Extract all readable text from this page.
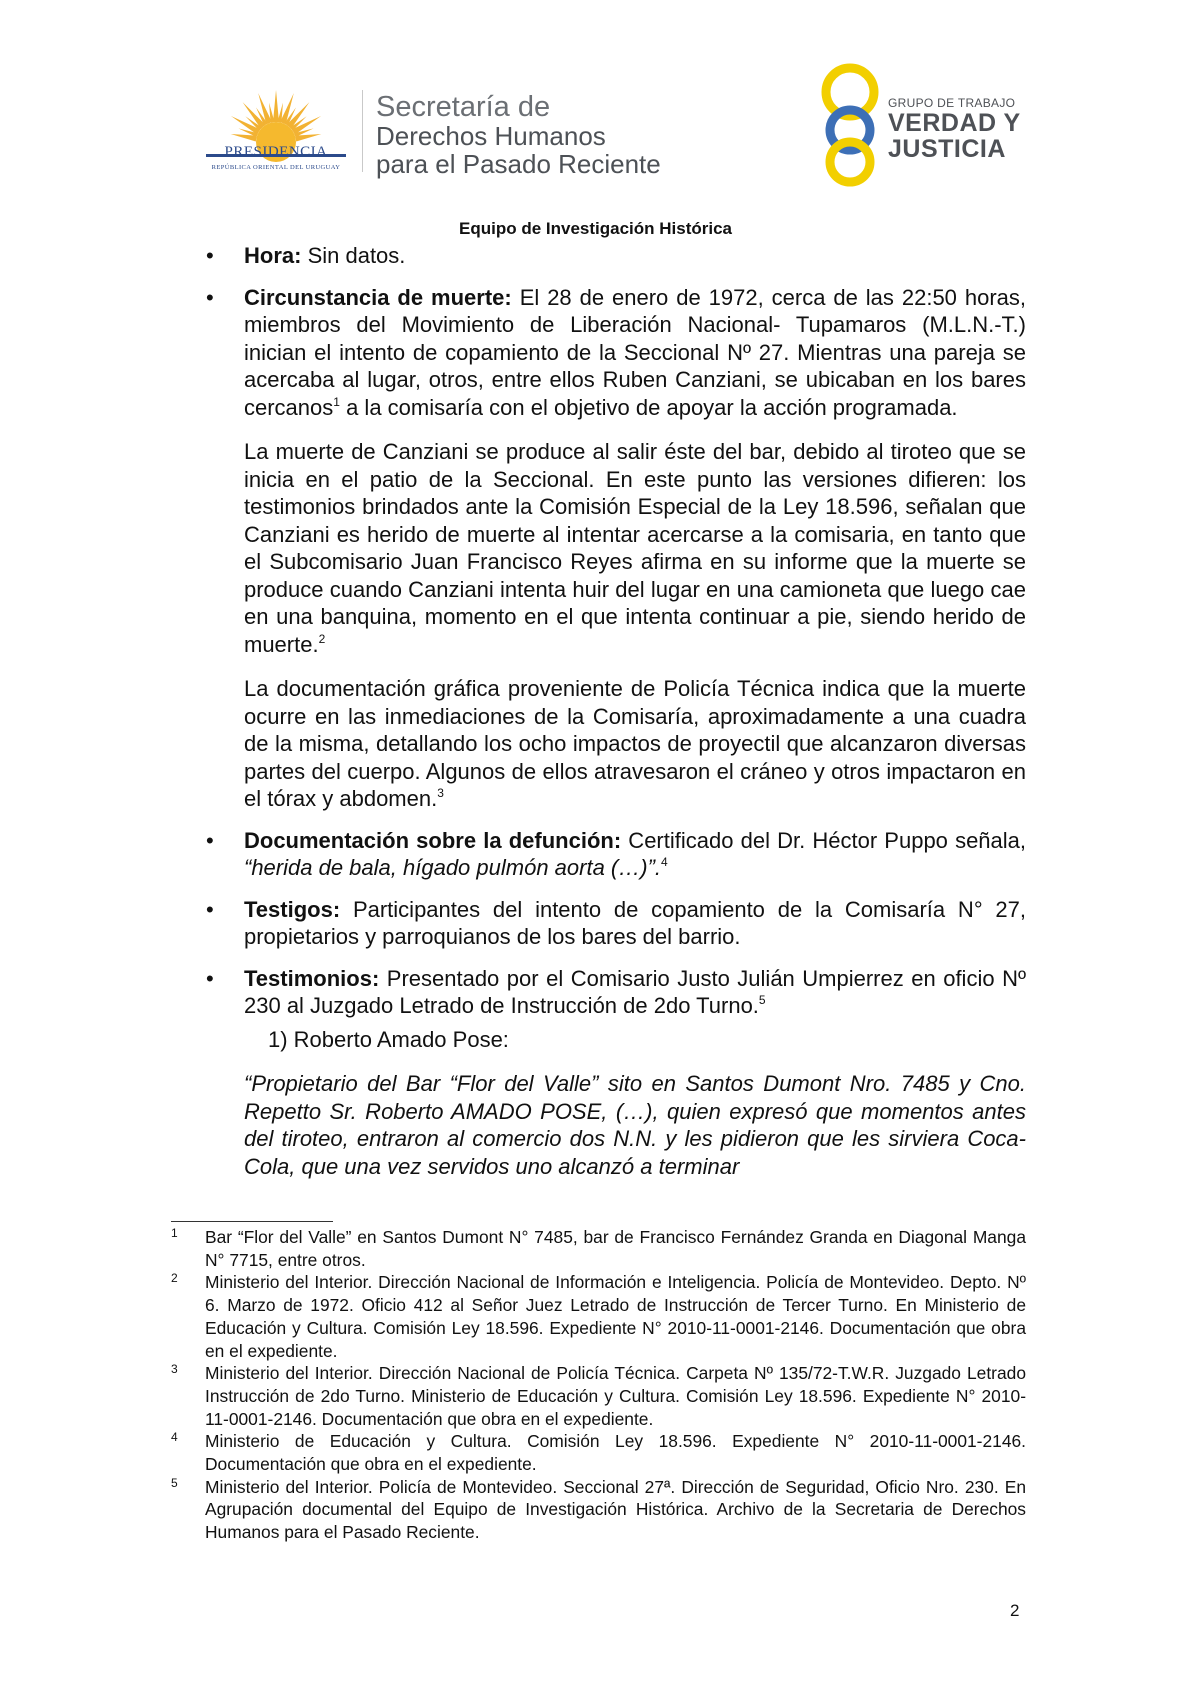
PRESIDENCIA
REPÚBLICA ORIENTAL DEL URUGUAY
Secretaría de
Derechos Humanos
para el Pasado Reciente
GRUPO DE TRABAJO
VERDAD Y
JUSTICIA
Equipo de Investigación Histórica

• Hora: Sin datos.

• Circunstancia de muerte: El 28 de enero de 1972, cerca de las 22:50 horas, miembros del Movimiento de Liberación Nacional- Tupamaros (M.L.N.-T.) inician el intento de copamiento de la Seccional Nº 27. Mientras una pareja se acercaba al lugar, otros, entre ellos Ruben Canziani, se ubicaban en los bares cercanos$^1$ a la comisaría con el objetivo de apoyar la acción programada.

La muerte de Canziani se produce al salir éste del bar, debido al tiroteo que se inicia en el patio de la Seccional. En este punto las versiones difieren: los testimonios brindados ante la Comisión Especial de la Ley 18.596, señalan que Canziani es herido de muerte al intentar acercarse a la comisaria, en tanto que el Subcomisario Juan Francisco Reyes afirma en su informe que la muerte se produce cuando Canziani intenta huir del lugar en una camioneta que luego cae en una banquina, momento en el que intenta continuar a pie, siendo herido de muerte.$^2$

La documentación gráfica proveniente de Policía Técnica indica que la muerte ocurre en las inmediaciones de la Comisaría, aproximadamente a una cuadra de la misma, detallando los ocho impactos de proyectil que alcanzaron diversas partes del cuerpo. Algunos de ellos atravesaron el cráneo y otros impactaron en el tórax y abdomen.$^3$

• Documentación sobre la defunción: Certificado del Dr. Héctor Puppo señala, “herida de bala, hígado pulmón aorta (…)”.$^4$

• Testigos: Participantes del intento de copamiento de la Comisaría N° 27, propietarios y parroquianos de los bares del barrio.

• Testimonios: Presentado por el Comisario Justo Julián Umpierrez en oficio Nº 230 al Juzgado Letrado de Instrucción de 2do Turno.$^5$

1) Roberto Amado Pose:

“Propietario del Bar “Flor del Valle” sito en Santos Dumont Nro. 7485 y Cno. Repetto Sr. Roberto AMADO POSE, (…), quien expresó que momentos antes del tiroteo, entraron al comercio dos N.N. y les pidieron que les sirviera Coca-Cola, que una vez servidos uno alcanzó a terminar

1 Bar “Flor del Valle” en Santos Dumont N° 7485, bar de Francisco Fernández Granda en Diagonal Manga N° 7715, entre otros.

2 Ministerio del Interior. Dirección Nacional de Información e Inteligencia. Policía de Montevideo. Depto. Nº 6. Marzo de 1972. Oficio 412 al Señor Juez Letrado de Instrucción de Tercer Turno. En Ministerio de Educación y Cultura. Comisión Ley 18.596. Expediente N° 2010-11-0001-2146. Documentación que obra en el expediente.

3 Ministerio del Interior. Dirección Nacional de Policía Técnica. Carpeta Nº 135/72-T.W.R. Juzgado Letrado Instrucción de 2do Turno. Ministerio de Educación y Cultura. Comisión Ley 18.596. Expediente N° 2010-11-0001-2146. Documentación que obra en el expediente.

4 Ministerio de Educación y Cultura. Comisión Ley 18.596. Expediente N° 2010-11-0001-2146. Documentación que obra en el expediente.

5 Ministerio del Interior. Policía de Montevideo. Seccional 27ª. Dirección de Seguridad, Oficio Nro. 230. En Agrupación documental del Equipo de Investigación Histórica. Archivo de la Secretaria de Derechos Humanos para el Pasado Reciente.

2
